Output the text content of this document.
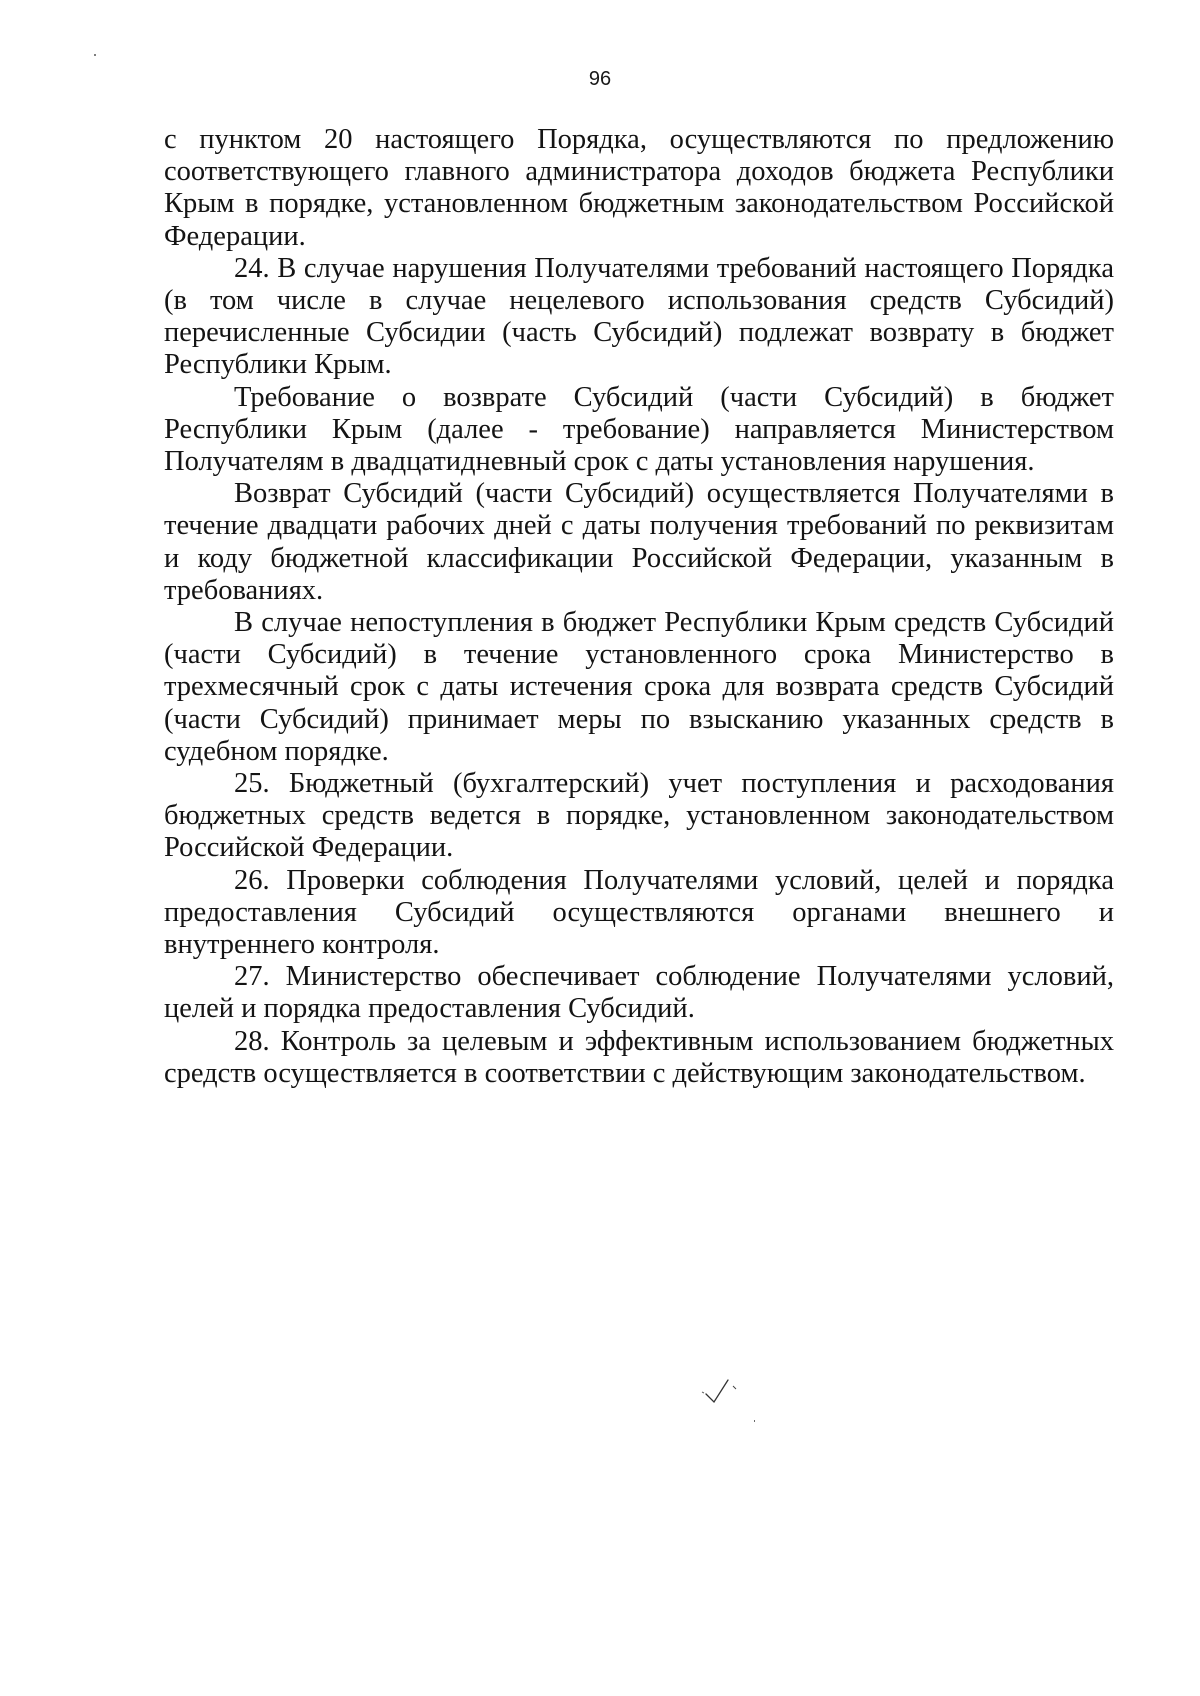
96

с пунктом 20 настоящего Порядка, осуществляются по предложению соответствующего главного администратора доходов бюджета Республики Крым в порядке, установленном бюджетным законодательством Российской Федерации.

24. В случае нарушения Получателями требований настоящего Порядка (в том числе в случае нецелевого использования средств Субсидий) перечисленные Субсидии (часть Субсидий) подлежат возврату в бюджет Республики Крым.

Требование о возврате Субсидий (части Субсидий) в бюджет Республики Крым (далее - требование) направляется Министерством Получателям в двадцатидневный срок с даты установления нарушения.

Возврат Субсидий (части Субсидий) осуществляется Получателями в течение двадцати рабочих дней с даты получения требований по реквизитам и коду бюджетной классификации Российской Федерации, указанным в требованиях.

В случае непоступления в бюджет Республики Крым средств Субсидий (части Субсидий) в течение установленного срока Министерство в трехмесячный срок с даты истечения срока для возврата средств Субсидий (части Субсидий) принимает меры по взысканию указанных средств в судебном порядке.

25. Бюджетный (бухгалтерский) учет поступления и расходования бюджетных средств ведется в порядке, установленном законодательством Российской Федерации.

26. Проверки соблюдения Получателями условий, целей и порядка предоставления Субсидий осуществляются органами внешнего и внутреннего контроля.

27. Министерство обеспечивает соблюдение Получателями условий, целей и порядка предоставления Субсидий.

28. Контроль за целевым и эффективным использованием бюджетных средств осуществляется в соответствии с действующим законодательством.
